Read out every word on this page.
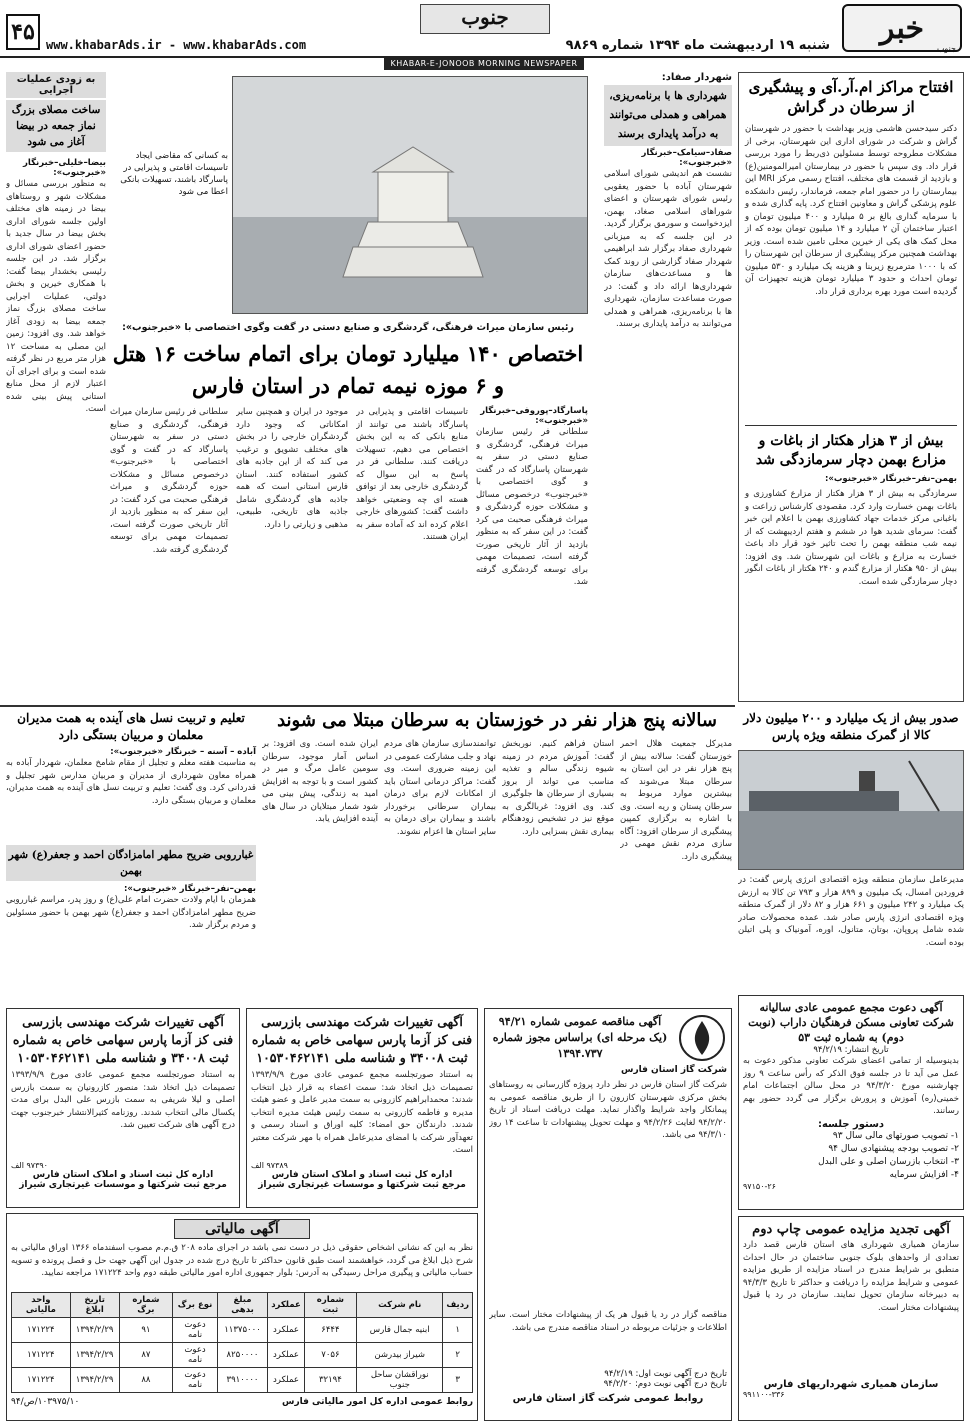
خبر
جنوب
شنبه ۱۹ اردیبهشت ماه ۱۳۹۴ شماره ۹۸۶۹
جنوب
www.khabarAds.ir - www.khabarAds.com
۴۵
KHABAR-E-JONOOB MORNING NEWSPAPER
افتتاح مراکز ام.آر.آی و پیشگیری از سرطان در گراش
دکتر سیدحسن هاشمی وزیر بهداشت با حضور در شهرستان گراش و شرکت در شورای اداری این شهرستان، برخی از مشکلات مطروحه توسط مسئولین ذی‌ربط را مورد بررسی قرار داد. وی سپس با حضور در بیمارستان امیرالمومنین(ع) و بازدید از قسمت های مختلف، افتتاح رسمی مرکز MRI این بیمارستان را در حضور امام جمعه، فرماندار، رئیس دانشکده علوم پزشکی گراش و معاونین افتتاح کرد. پایه گذاری شده و با سرمایه گذاری بالغ بر ۵ میلیارد و ۴۰۰ میلیون تومان و اعتبار ساختمان آن ۲ میلیارد و ۱۴ میلیون تومان بوده که از محل کمک های یکی از خیرین محلی تامین شده است. وزیر بهداشت همچنین مرکز پیشگیری از سرطان این شهرستان را که با ۱۰۰۰ مترمربع زیربنا و هزینه یک میلیارد و ۵۳۰ میلیون تومان احداث و حدود ۳ میلیارد تومان هزینه تجهیزات آن گردیده است مورد بهره برداری قرار داد.
بیش از ۳ هزار هکتار از باغات و مزارع بهمن دچار سرمازدگی شد
بهمن–نفر–خبرنگار «خبرجنوب»:
سرمازدگی به بیش از ۳ هزار هکتار از مزارع کشاورزی و باغات بهمن خسارت وارد کرد. مقصودی کارشناس زراعت و باغبانی مرکز خدمات جهاد کشاورزی بهمن با اعلام این خبر گفت: سرمای شدید هوا در ششم و هفتم اردیبهشت که از نیمه شب منطقه بهمن را تحت تاثیر خود قرار داد باعث خسارت به مزارع و باغات این شهرستان شد. وی افزود: بیش از ۹۵۰ هکتار از مزارع گندم و ۲۴۰ هکتار از باغات انگور دچار سرمازدگی شده است.
صدور بیش از یک میلیارد و ۲۰۰ میلیون دلار کالا از گمرک منطقه ویژه پارس
مدیرعامل سازمان منطقه ویژه اقتصادی انرژی پارس گفت: در فروردین امسال، یک میلیون و ۸۹۹ هزار و ۷۹۳ تن کالا به ارزش یک میلیارد و ۲۴۲ میلیون و ۶۶۱ هزار و ۸۲ دلار از گمرک منطقه ویژه اقتصادی انرژی پارس صادر شد. عمده محصولات صادر شده شامل پروپان، بوتان، متانول، اوره، آمونیاک و پلی اتیلن بوده است.
آگهی دعوت مجمع عمومی عادی سالیانه شرکت تعاونی مسکن فرهنگیان داراب (نوبت دوم) به شماره ثبت ۵۳
تاریخ انتشار: ۹۴/۲/۱۹
بدینوسیله از تمامی اعضای شرکت تعاونی مذکور دعوت به عمل می آید تا در جلسه فوق الذکر که رأس ساعت ۹ روز چهارشنبه مورخ ۹۴/۳/۲۰ در محل سالن اجتماعات امام خمینی(ره) آموزش و پرورش برگزار می گردد حضور بهم رسانند.
دستور جلسه:
۱- تصویب صورتهای مالی سال ۹۳
۲- تصویب بودجه پیشنهادی سال ۹۴
۳- انتخاب بازرسان اصلی و علی البدل
۴- افزایش سرمایه
۹۷۱۵۰-۲۶
آگهی تجدید مزایده عمومی چاپ دوم
سازمان همیاری شهرداری های استان فارس قصد دارد تعدادی از واحدهای بلوک جنوبی ساختمان در حال احداث منطبق بر شرایط مندرج در اسناد مزایده از طریق مزایده عمومی و شرایط مزایده را دریافت و حداکثر تا تاریخ ۹۴/۳/۳ به دبیرخانه سازمان تحویل نمایند. سازمان در رد یا قبول پیشنهادات مختار است.
سازمان همیاری شهرداریهای فارس
۹۹۱۱۰۰-۳۳۶
شهردار صفاد:
شهرداری ها با برنامه‌ریزی، همراهی و همدلی می‌توانند به درآمد پایداری برسند
صفاد–سیامک–خبرنگار «خبرجنوب»:
نشست هم اندیشی شورای اسلامی شهرستان آباده با حضور یعقوبی رئیس شورای شهرستان و اعضای شوراهای اسلامی صغاد، بهمن، ایزدخواست و سورمق برگزار گردید. در این جلسه که به میزبانی شهرداری صفاد برگزار شد ابراهیمی شهردار صفاد گزارشی از روند کمک ها و مساعدت‌های سازمان شهرداری‌ها ارائه داد و گفت: در صورت مساعدت سازمان، شهرداری ها با برنامه‌ریزی، همراهی و همدلی می‌توانند به درآمد پایداری برسند.
به کسانی که مقاضی ایجاد تاسیسات اقامتی و پذیرایی در پاسارگاد باشند، تسهیلات بانکی اعطا می شود
رئیس سازمان میراث فرهنگی، گردشگری و صنایع دستی در گفت وگوی اختصاصی با «خبرجنوب»:
اختصاص ۱۴۰ میلیارد تومان برای اتمام ساخت ۱۶ هتل و ۶ موزه نیمه تمام در استان فارس
پاسارگاد–پوروفی–خبرنگار «خبرجنوب»:
سلطانی فر رئیس سازمان میراث فرهنگی، گردشگری و صنایع دستی در سفر به شهرستان پاسارگاد که در گفت و گوی اختصاصی با «خبرجنوب» درخصوص مسائل و مشکلات حوزه گردشگری و میراث فرهنگی صحبت می کرد گفت: در این سفر که به منظور بازدید از آثار تاریخی صورت گرفته است، تصمیمات مهمی برای توسعه گردشگری گرفته شد.
تاسیسات اقامتی و پذیرایی در پاسارگاد باشند می توانند از منابع بانکی که به این بخش اختصاص می دهیم، تسهیلات دریافت کنند. سلطانی فر در پاسخ به این سوال که گردشگری خارجی بعد از توافق هسته ای چه وضعیتی خواهد داشت گفت: کشورهای خارجی اعلام کرده اند که آماده سفر به ایران هستند.
موجود در ایران و همچنین سایر امکاناتی که وجود دارد گردشگران خارجی را در بخش های مختلف تشویق و ترغیب می کند که از این جاذبه های کشور استفاده کنند. استان فارس استانی است که همه جاذبه های گردشگری شامل جاذبه های تاریخی، طبیعی، مذهبی و زیارتی را دارد.
سلطانی فر رئیس سازمان میراث فرهنگی، گردشگری و صنایع دستی در سفر به شهرستان پاسارگاد که در گفت و گوی اختصاصی با «خبرجنوب» درخصوص مسائل و مشکلات حوزه گردشگری و میراث فرهنگی صحبت می کرد گفت: در این سفر که به منظور بازدید از آثار تاریخی صورت گرفته است، تصمیمات مهمی برای توسعه گردشگری گرفته شد.
به زودی عملیات اجرایی
ساخت مصلای بزرگ نماز جمعه در بیضا آغاز می شود
بیضا–خلیلی–خبرنگار «خبرجنوب»:
به منظور بررسی مسائل و مشکلات شهر و روستاهای بیضا در زمینه های مختلف اولین جلسه شورای اداری بخش بیضا در سال جدید با حضور اعضای شورای اداری برگزار شد. در این جلسه رئیسی بخشدار بیضا گفت: با همکاری خیرین و بخش دولتی، عملیات اجرایی ساخت مصلای بزرگ نماز جمعه بیضا به زودی آغاز خواهد شد. وی افزود: زمین این مصلی به مساحت ۱۲ هزار متر مربع در نظر گرفته شده است و برای اجرای آن اعتبار لازم از محل منابع استانی پیش بینی شده است.
تعلیم و تربیت نسل های آینده به همت مدیران معلمان و مربیان بستگی دارد
آباده – آسنه – خبرنگار «خبرجنوب»:
به مناسبت هفته معلم و تجلیل از مقام شامخ معلمان، شهردار آباده به همراه معاون شهرداری از مدیران و مربیان مدارس شهر تجلیل و قدردانی کرد. وی گفت: تعلیم و تربیت نسل های آینده به همت مدیران، معلمان و مربیان بستگی دارد.
غبارروبی ضریح مطهر امامزادگان احمد و جعفر(ع) شهر بهمن
بهمن–نفر–خبرنگار «خبرجنوب»:
همزمان با ایام ولادت حضرت امام علی(ع) و روز پدر، مراسم غبارروبی ضریح مطهر امامزادگان احمد و جعفر(ع) شهر بهمن با حضور مسئولین و مردم برگزار شد.
سالانه پنج هزار نفر در خوزستان به سرطان مبتلا می شوند
مدیرکل جمعیت هلال احمر خوزستان گفت: سالانه بیش از پنج هزار نفر در این استان به سرطان مبتلا می‌شوند که بیشترین موارد مربوط به سرطان پستان و ریه است. وی با اشاره به برگزاری کمپین پیشگیری از سرطان افزود: آگاه سازی مردم نقش مهمی در پیشگیری دارد.
استان فراهم کنیم. نوربخش گفت: آموزش مردم در زمینه شیوه زندگی سالم و تغذیه مناسب می تواند از بروز بسیاری از سرطان ها جلوگیری کند. وی افزود: غربالگری به موقع نیز در تشخیص زودهنگام بیماری نقش بسزایی دارد.
توانمندسازی سازمان های مردم نهاد و جلب مشارکت عمومی در این زمینه ضروری است. وی گفت: مراکز درمانی استان باید از امکانات لازم برای درمان بیماران سرطانی برخوردار باشند و بیماران برای درمان به سایر استان ها اعزام نشوند.
ایران شده است. وی افزود: بر اساس آمار موجود، سرطان سومین عامل مرگ و میر در کشور است و با توجه به افزایش امید به زندگی، پیش بینی می شود شمار مبتلایان در سال های آینده افزایش یابد.
آگهی مناقصه عمومی شماره ۹۴/۲۱ (یک مرحله ای) براساس مجوز شماره ۱۳۹۴.۷۳۷
شرکت گاز استان فارس
شرکت گاز استان فارس در نظر دارد پروژه گازرسانی به روستاهای بخش مرکزی شهرستان کازرون را از طریق مناقصه عمومی به پیمانکار واجد شرایط واگذار نماید. مهلت دریافت اسناد از تاریخ ۹۴/۲/۲۰ لغایت ۹۴/۲/۲۶ و مهلت تحویل پیشنهادات تا ساعت ۱۴ روز ۹۴/۳/۱۰ می باشد.
مناقصه گزار در رد یا قبول هر یک از پیشنهادات مختار است. سایر اطلاعات و جزئیات مربوطه در اسناد مناقصه مندرج می باشد.
تاریخ درج آگهی نوبت اول: ۹۴/۲/۱۹
تاریخ درج آگهی نوبت دوم: ۹۴/۲/۲۰
روابط عمومی شرکت گاز استان فارس
آگهی تغییرات شرکت مهندسی بازرسی فنی کز آزما پارس سهامی خاص به شماره ثبت ۳۴۰۰۸ و شناسه ملی ۱۰۵۳۰۴۶۲۱۴۱
به استناد صورتجلسه مجمع عمومی عادی مورخ ۱۳۹۳/۹/۹ تصمیمات ذیل اتخاذ شد: سمت اعضاء به قرار ذیل انتخاب شدند: محمدابراهیم کازرونی به سمت مدیر عامل و عضو هیئت مدیره و فاطمه کازرونی به سمت رئیس هیئت مدیره انتخاب شدند. دارندگان حق امضاء: کلیه اوراق و اسناد رسمی و تعهدآور شرکت با امضای مدیرعامل همراه با مهر شرکت معتبر است.
۹۷۳۸۹ الف
اداره کل ثبت اسناد و املاک استان فارس
مرجع ثبت شرکتها و موسسات غیرتجاری شیراز
آگهی تغییرات شرکت مهندسی بازرسی فنی کز آزما پارس سهامی خاص به شماره ثبت ۳۴۰۰۸ و شناسه ملی ۱۰۵۳۰۴۶۲۱۴۱
به استناد صورتجلسه مجمع عمومی عادی مورخ ۱۳۹۳/۹/۹ تصمیمات ذیل اتخاذ شد: منصور کازرونیان به سمت بازرس اصلی و لیلا شریفی به سمت بازرس علی البدل برای مدت یکسال مالی انتخاب شدند. روزنامه کثیرالانتشار خبرجنوب جهت درج آگهی های شرکت تعیین شد.
۹۷۳۹۰ الف
اداره کل ثبت اسناد و املاک استان فارس
مرجع ثبت شرکتها و موسسات غیرتجاری شیراز
آگهی مالیاتی
نظر به این که نشانی اشخاص حقوقی ذیل در دست نمی باشد در اجرای ماده ۲۰۸ ق.م.م مصوب اسفندماه ۱۳۶۶ اوراق مالیاتی به شرح ذیل ابلاغ می گردد، خواهشمند است طبق قانون حداکثر تا تاریخ درج شده در جدول این آگهی جهت حل و فصل پرونده و تسویه حساب مالیاتی و پیگیری مراحل رسیدگی به آدرس: بلوار جمهوری اداره امور مالیاتی طبقه دوم واحد ۱۷۱۲۲۴ مراجعه نمایید.
ردیف	نام شرکت	شماره ثبت	عملکرد	مبلغ بدهی	نوع برگ	شماره برگ	تاریخ ابلاغ	واحد مالیاتی
۱	ابنیه جمال فارس	۶۴۴۴	عملکرد	۱۱۳۷۵۰۰۰	دعوت نامه	۹۱	۱۳۹۴/۲/۲۹	۱۷۱۲۲۴
۲	شیراز بیدرشن	۷۰۵۶	عملکرد	۸۲۵۰۰۰۰	دعوت نامه	۸۷	۱۳۹۴/۲/۲۹	۱۷۱۲۲۴
۳	نوراقشان ساحل جنوب	۳۲۱۹۴	عملکرد	۳۹۱۰۰۰۰	دعوت نامه	۸۸	۱۳۹۴/۲/۲۹	۱۷۱۲۲۴
روابط عمومی اداره کل امور مالیاتی فارس
۱۰۳۹۷۵/۱۰/ص/۹۴
